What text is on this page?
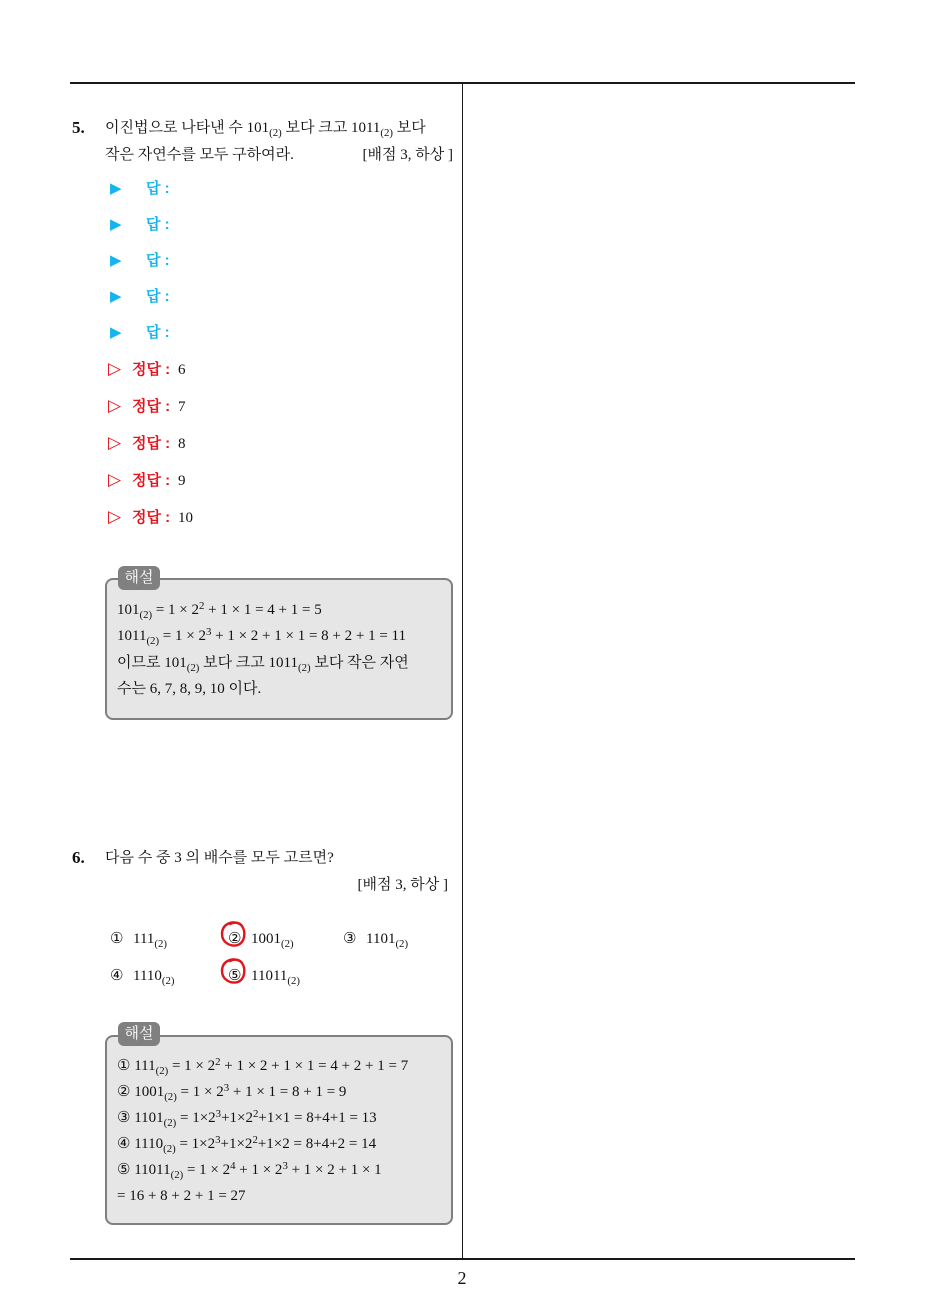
5. 이진법으로 나타낸 수 $101_{(2)}$ 보다 크고 $1011_{(2)}$ 보다
작은 자연수를 모두 구하여라.	[배점 3, 하상 ]
▶ 답 :
▶ 답 :
▶ 답 :
▶ 답 :
▶ 답 :
▷ 정답 : 6
▷ 정답 : 7
▷ 정답 : 8
▷ 정답 : 9
▷ 정답 : 10
$101_{(2)} = 1 \times 2^2 + 1 \times 1 = 4 + 1 = 5$
$1011_{(2)} = 1 \times 2^3 + 1 \times 2 + 1 \times 1 = 8 + 2 + 1 = 11$
이므로 $101_{(2)}$ 보다 크고 $1011_{(2)}$ 보다 작은 자연
수는 6, 7, 8, 9, 10 이다.
해설
6. 다음 수 중 3 의 배수를 모두 고르면?
[배점 3, 하상 ]
① $111_{(2)}$	② $1001_{(2)}$	③ $1101_{(2)}$
④ $1110_{(2)}$	⑤ $11011_{(2)}$
① $111_{(2)} = 1 \times 2^2 + 1 \times 2 + 1 \times 1 = 4 + 2 + 1 = 7$
② $1001_{(2)} = 1 \times 2^3 + 1 \times 1 = 8 + 1 = 9$
③ $1101_{(2)} = 1\times 2^3+1\times 2^2+1\times 1 = 8+4+1 = 13$
④ $1110_{(2)} = 1\times 2^3+1\times 2^2+1\times 2 = 8+4+2 = 14$
⑤ $11011_{(2)} = 1 \times 2^4 + 1 \times 2^3 + 1 \times 2 + 1 \times 1$
= 16 + 8 + 2 + 1 = 27
해설
2
